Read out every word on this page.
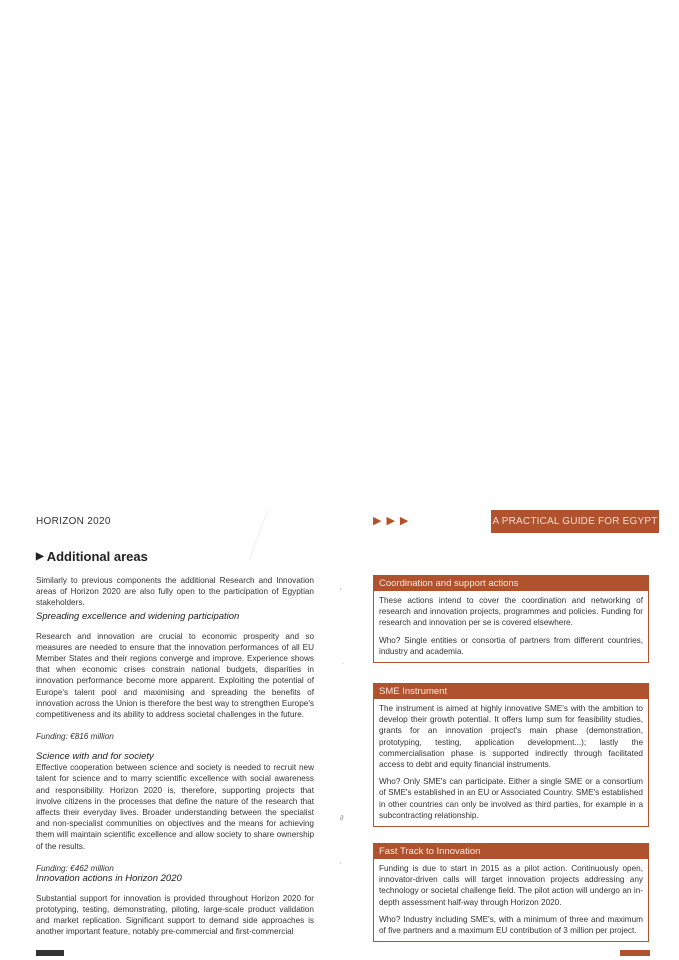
HORIZON 2020	▶▶▶	A PRACTICAL GUIDE FOR EGYPT
▶ Additional areas

Similarly to previous components the additional Research and Innovation areas of Horizon 2020 are also fully open to the participation of Egyptian stakeholders.

Spreading excellence and widening participation

Research and innovation are crucial to economic prosperity and so measures are needed to ensure that the innovation performances of all EU Member States and their regions converge and improve. Experience shows that when economic crises constrain national budgets, disparities in innovation performance become more apparent. Exploiting the potential of Europe's talent pool and maximising and spreading the benefits of innovation across the Union is therefore the best way to strengthen Europe's competitiveness and its ability to address societal challenges in the future.

Funding: €816 million
Science with and for society

Effective cooperation between science and society is needed to recruit new talent for science and to marry scientific excellence with social awareness and responsibility. Horizon 2020 is, therefore, supporting projects that involve citizens in the processes that define the nature of the research that affects their everyday lives. Broader understanding between the specialist and non-specialist communities on objectives and the means for achieving them will maintain scientific excellence and allow society to share ownership of the results.

Funding: €462 million
Innovation actions in Horizon 2020

Substantial support for innovation is provided throughout Horizon 2020 for prototyping, testing, demonstrating, piloting, large-scale product validation and market replication. Significant support to demand side approaches is another important feature, notably pre-commercial and first-commercial

Coordination and support actions

These actions intend to cover the coordination and networking of research and innovation projects, programmes and policies. Funding for research and innovation per se is covered elsewhere.

Who? Single entities or consortia of partners from different countries, industry and academia.

SME Instrument

The instrument is aimed at highly innovative SME's with the ambition to develop their growth potential. It offers lump sum for feasibility studies, grants for an innovation project's main phase (demonstration, prototyping, testing, application development...); lastly the commercialisation phase is supported indirectly through facilitated access to debt and equity financial instruments.

Who? Only SME's can participate. Either a single SME or a consortium of SME's established in an EU or Associated Country. SME's established in other countries can only be involved as third parties, for example in a subcontracting relationship.

Fast Track to Innovation

Funding is due to start in 2015 as a pilot action. Continuously open, innovator-driven calls will target innovation projects addressing any technology or societal challenge field. The pilot action will undergo an in-depth assessment half-way through Horizon 2020.

Who? Industry including SME's, with a minimum of three and maximum of five partners and a maximum EU contribution of 3 million per project.

’
·
∂
‘
